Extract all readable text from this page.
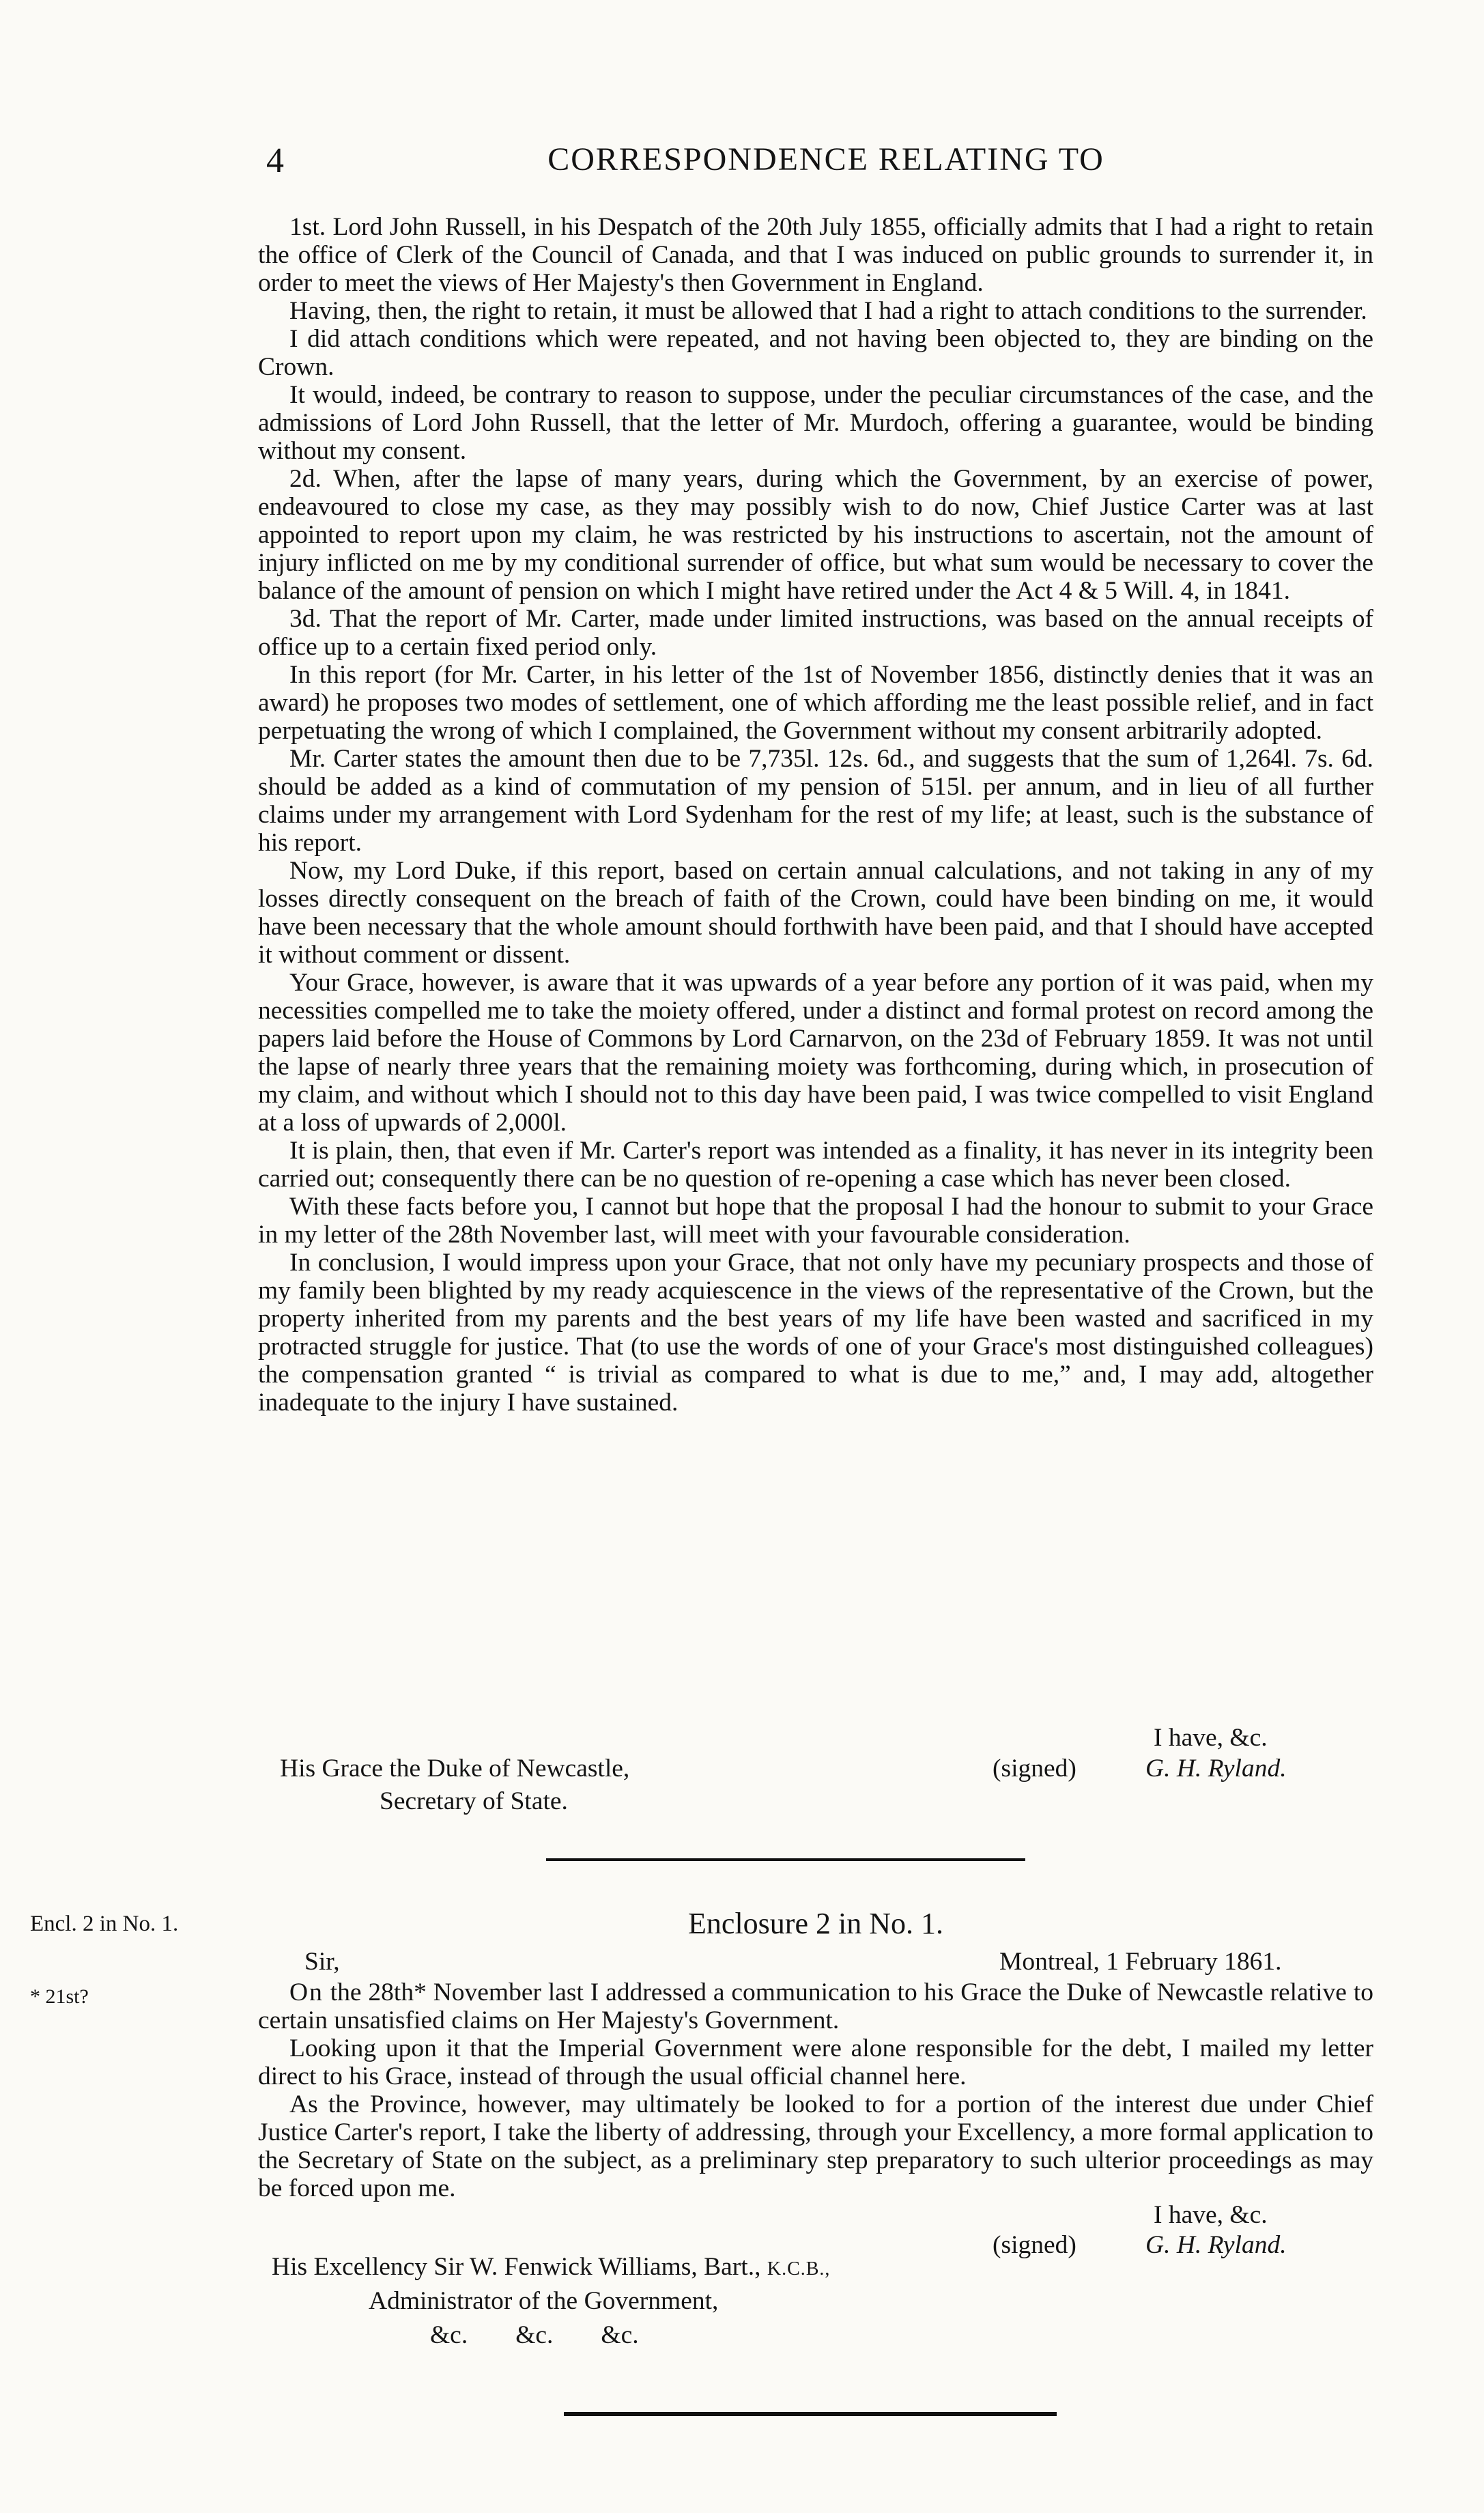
4	CORRESPONDENCE RELATING TO

1st. Lord John Russell, in his Despatch of the 20th July 1855, officially admits that I had a right to retain the office of Clerk of the Council of Canada, and that I was induced on public grounds to surrender it, in order to meet the views of Her Majesty's then Government in England.

Having, then, the right to retain, it must be allowed that I had a right to attach conditions to the surrender.

I did attach conditions which were repeated, and not having been objected to, they are binding on the Crown.

It would, indeed, be contrary to reason to suppose, under the peculiar circumstances of the case, and the admissions of Lord John Russell, that the letter of Mr. Murdoch, offering a guarantee, would be binding without my consent.

2d. When, after the lapse of many years, during which the Government, by an exercise of power, endeavoured to close my case, as they may possibly wish to do now, Chief Justice Carter was at last appointed to report upon my claim, he was restricted by his instructions to ascertain, not the amount of injury inflicted on me by my conditional surrender of office, but what sum would be necessary to cover the balance of the amount of pension on which I might have retired under the Act 4 & 5 Will. 4, in 1841.

3d. That the report of Mr. Carter, made under limited instructions, was based on the annual receipts of office up to a certain fixed period only.

In this report (for Mr. Carter, in his letter of the 1st of November 1856, distinctly denies that it was an award) he proposes two modes of settlement, one of which affording me the least possible relief, and in fact perpetuating the wrong of which I complained, the Government without my consent arbitrarily adopted.

Mr. Carter states the amount then due to be 7,735l. 12s. 6d., and suggests that the sum of 1,264l. 7s. 6d. should be added as a kind of commutation of my pension of 515l. per annum, and in lieu of all further claims under my arrangement with Lord Sydenham for the rest of my life; at least, such is the substance of his report.

Now, my Lord Duke, if this report, based on certain annual calculations, and not taking in any of my losses directly consequent on the breach of faith of the Crown, could have been binding on me, it would have been necessary that the whole amount should forthwith have been paid, and that I should have accepted it without comment or dissent.

Your Grace, however, is aware that it was upwards of a year before any portion of it was paid, when my necessities compelled me to take the moiety offered, under a distinct and formal protest on record among the papers laid before the House of Commons by Lord Carnarvon, on the 23d of February 1859. It was not until the lapse of nearly three years that the remaining moiety was forthcoming, during which, in prosecution of my claim, and without which I should not to this day have been paid, I was twice compelled to visit England at a loss of upwards of 2,000l.

It is plain, then, that even if Mr. Carter's report was intended as a finality, it has never in its integrity been carried out; consequently there can be no question of re-opening a case which has never been closed.

With these facts before you, I cannot but hope that the proposal I had the honour to submit to your Grace in my letter of the 28th November last, will meet with your favourable consideration.

In conclusion, I would impress upon your Grace, that not only have my pecuniary prospects and those of my family been blighted by my ready acquiescence in the views of the representative of the Crown, but the property inherited from my parents and the best years of my life have been wasted and sacrificed in my protracted struggle for justice. That (to use the words of one of your Grace's most distinguished colleagues) the compensation granted “ is trivial as compared to what is due to me,” and, I may add, altogether inadequate to the injury I have sustained.

I have, &c.
(signed)	G. H. Ryland.
His Grace the Duke of Newcastle,
Secretary of State.
Encl. 2 in No. 1.
* 21st?
Enclosure 2 in No. 1.
Sir,	Montreal, 1 February 1861.

On the 28th* November last I addressed a communication to his Grace the Duke of Newcastle relative to certain unsatisfied claims on Her Majesty's Government.

Looking upon it that the Imperial Government were alone responsible for the debt, I mailed my letter direct to his Grace, instead of through the usual official channel here.

As the Province, however, may ultimately be looked to for a portion of the interest due under Chief Justice Carter's report, I take the liberty of addressing, through your Excellency, a more formal application to the Secretary of State on the subject, as a preliminary step preparatory to such ulterior proceedings as may be forced upon me.

I have, &c.
(signed)	G. H. Ryland.
His Excellency Sir W. Fenwick Williams, Bart., K.C.B.,
Administrator of the Government,
&c. &c. &c.
